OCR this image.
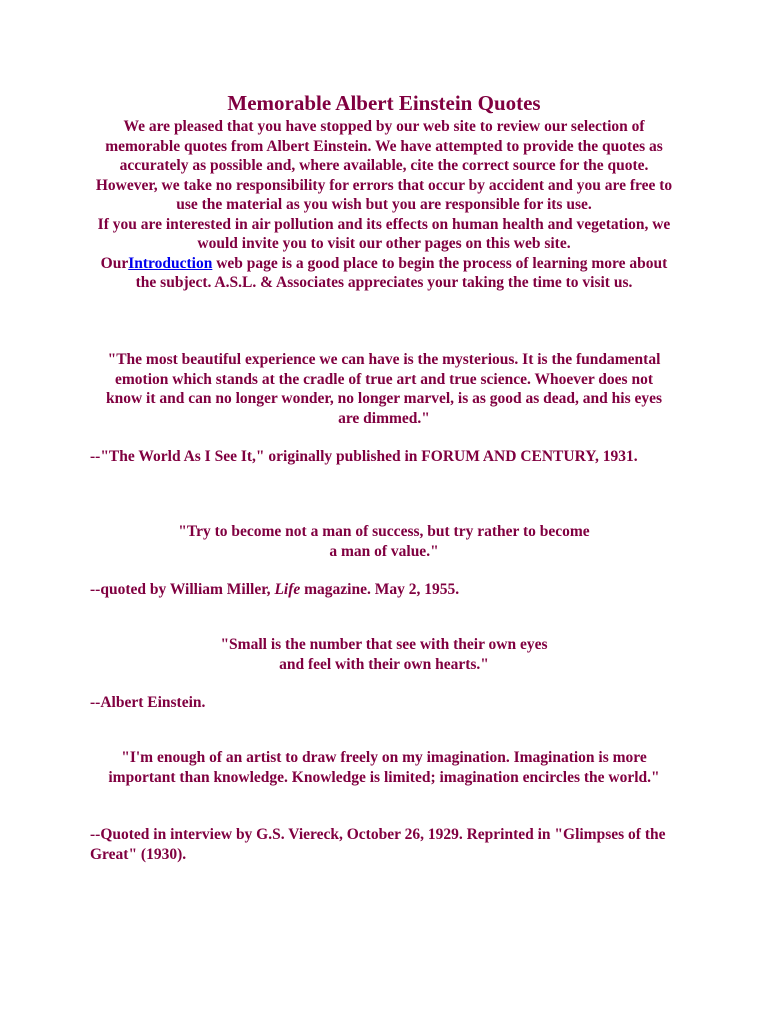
Memorable Albert Einstein Quotes

We are pleased that you have stopped by our web site to review our selection of memorable quotes from Albert Einstein. We have attempted to provide the quotes as accurately as possible and, where available, cite the correct source for the quote. However, we take no responsibility for errors that occur by accident and you are free to use the material as you wish but you are responsible for its use.

If you are interested in air pollution and its effects on human health and vegetation, we would invite you to visit our other pages on this web site.

OurIntroduction web page is a good place to begin the process of learning more about the subject. A.S.L. & Associates appreciates your taking the time to visit us.

"The most beautiful experience we can have is the mysterious. It is the fundamental emotion which stands at the cradle of true art and true science. Whoever does not know it and can no longer wonder, no longer marvel, is as good as dead, and his eyes are dimmed."
--"The World As I See It," originally published in FORUM AND CENTURY, 1931.
"Try to become not a man of success, but try rather to become
a man of value."
--quoted by William Miller, Life magazine. May 2, 1955.
"Small is the number that see with their own eyes
and feel with their own hearts."
--Albert Einstein.
"I'm enough of an artist to draw freely on my imagination. Imagination is more important than knowledge. Knowledge is limited; imagination encircles the world."
--Quoted in interview by G.S. Viereck, October 26, 1929. Reprinted in "Glimpses of the Great" (1930).
